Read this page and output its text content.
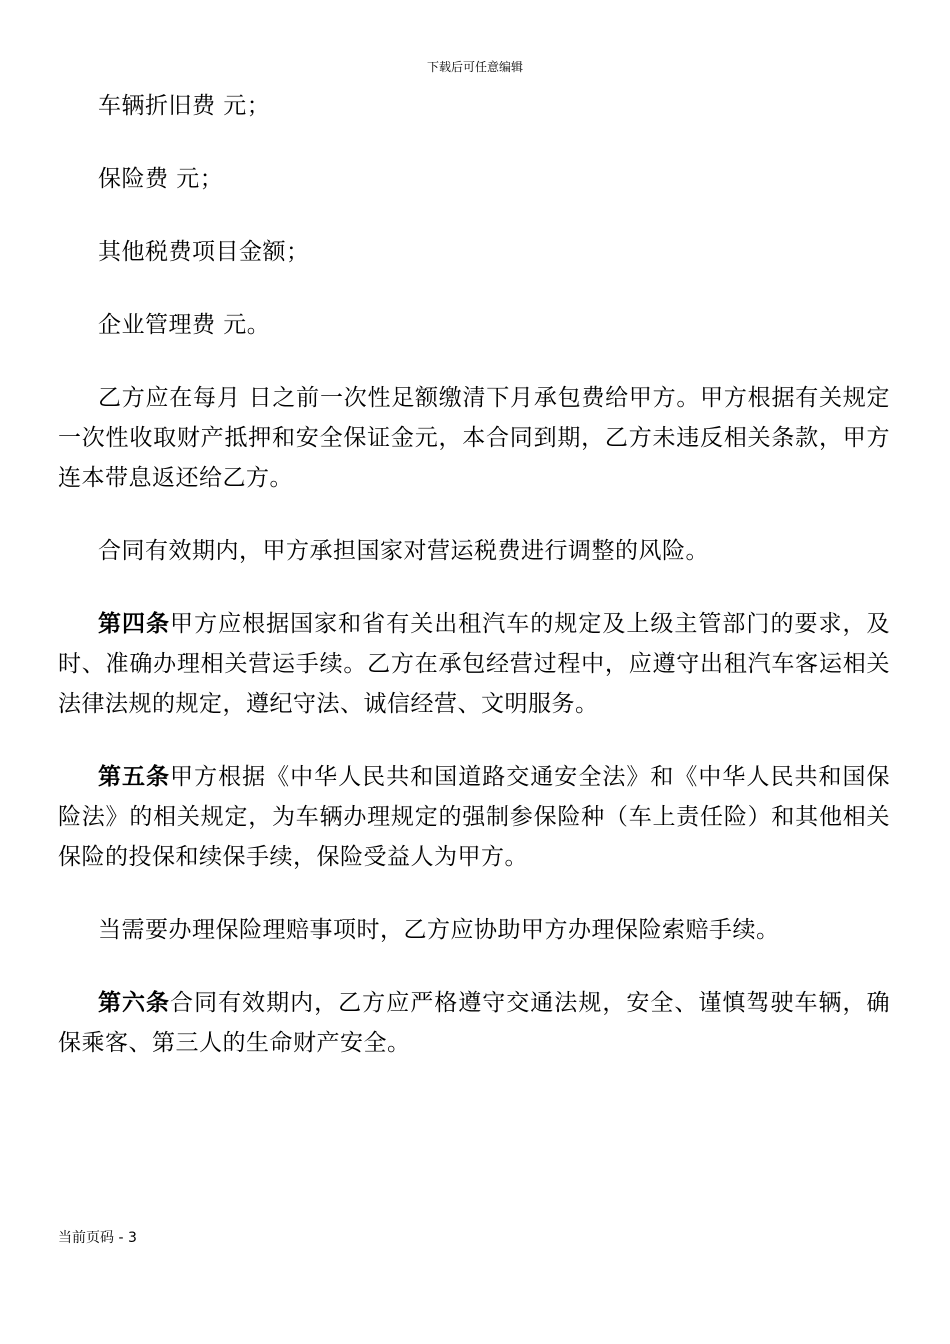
下载后可任意编辑

车辆折旧费 元；

保险费 元；

其他税费项目金额；

企业管理费 元。

乙方应在每月 日之前一次性足额缴清下月承包费给甲方。甲方根据有关规定一次性收取财产抵押和安全保证金元，本合同到期，乙方未违反相关条款，甲方连本带息返还给乙方。

合同有效期内，甲方承担国家对营运税费进行调整的风险。

第四条甲方应根据国家和省有关出租汽车的规定及上级主管部门的要求，及时、准确办理相关营运手续。乙方在承包经营过程中，应遵守出租汽车客运相关法律法规的规定，遵纪守法、诚信经营、文明服务。

第五条甲方根据《中华人民共和国道路交通安全法》和《中华人民共和国保险法》的相关规定，为车辆办理规定的强制参保险种（车上责任险）和其他相关保险的投保和续保手续，保险受益人为甲方。

当需要办理保险理赔事项时，乙方应协助甲方办理保险索赔手续。

第六条合同有效期内，乙方应严格遵守交通法规，安全、谨慎驾驶车辆，确保乘客、第三人的生命财产安全。

当前页码 - 3
